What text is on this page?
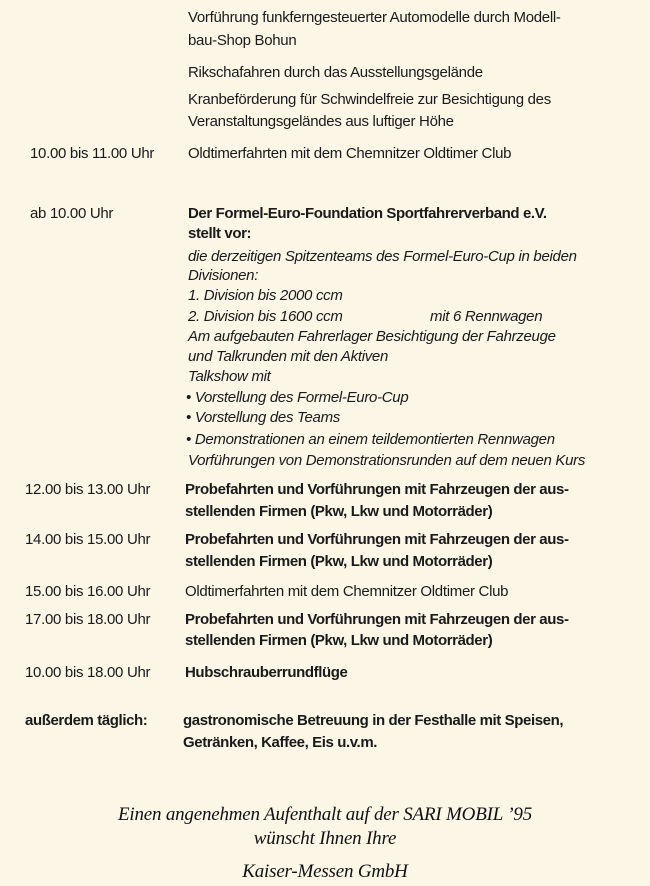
Vorführung funkferngesteuerter Automodelle durch Modell-
bau-Shop Bohun
Rikschafahren durch das Ausstellungsgelände
Kranbeförderung für Schwindelfreie zur Besichtigung des
Veranstaltungsgeländes aus luftiger Höhe
10.00 bis 11.00 Uhr Oldtimerfahrten mit dem Chemnitzer Oldtimer Club
ab 10.00 Uhr	Der Formel-Euro-Foundation Sportfahrerverband e.V.
stellt vor:
die derzeitigen Spitzenteams des Formel-Euro-Cup in beiden
Divisionen:
1. Division bis 2000 ccm
2. Division bis 1600 ccm	mit 6 Rennwagen
Am aufgebauten Fahrerlager Besichtigung der Fahrzeuge
und Talkrunden mit den Aktiven
Talkshow mit
• Vorstellung des Formel-Euro-Cup
• Vorstellung des Teams
• Demonstrationen an einem teildemontierten Rennwagen
Vorführungen von Demonstrationsrunden auf dem neuen Kurs
12.00 bis 13.00 Uhr Probefahrten und Vorführungen mit Fahrzeugen der aus-
stellenden Firmen (Pkw, Lkw und Motorräder)
14.00 bis 15.00 Uhr Probefahrten und Vorführungen mit Fahrzeugen der aus-
stellenden Firmen (Pkw, Lkw und Motorräder)
15.00 bis 16.00 Uhr Oldtimerfahrten mit dem Chemnitzer Oldtimer Club
17.00 bis 18.00 Uhr Probefahrten und Vorführungen mit Fahrzeugen der aus-
stellenden Firmen (Pkw, Lkw und Motorräder)
10.00 bis 18.00 Uhr Hubschrauberrundflüge
außerdem täglich: gastronomische Betreuung in der Festhalle mit Speisen,
Getränken, Kaffee, Eis u.v.m.
Einen angenehmen Aufenthalt auf der SARI MOBIL ’95
wünscht Ihnen Ihre
Kaiser-Messen GmbH
